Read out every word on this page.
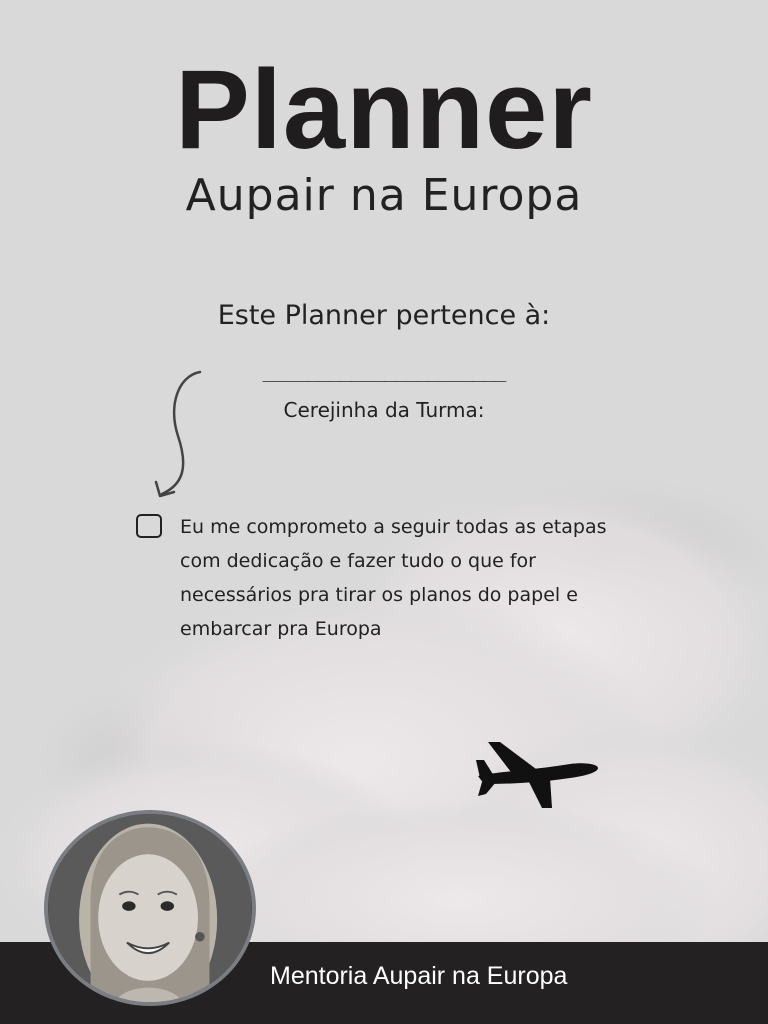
Planner
Aupair na Europa
Este Planner pertence à:
______________________
Cerejinha da Turma:

Eu me comprometo a seguir todas as etapas com dedicação e fazer tudo o que for necessários pra tirar os planos do papel e embarcar pra Europa

Mentoria Aupair na Europa
